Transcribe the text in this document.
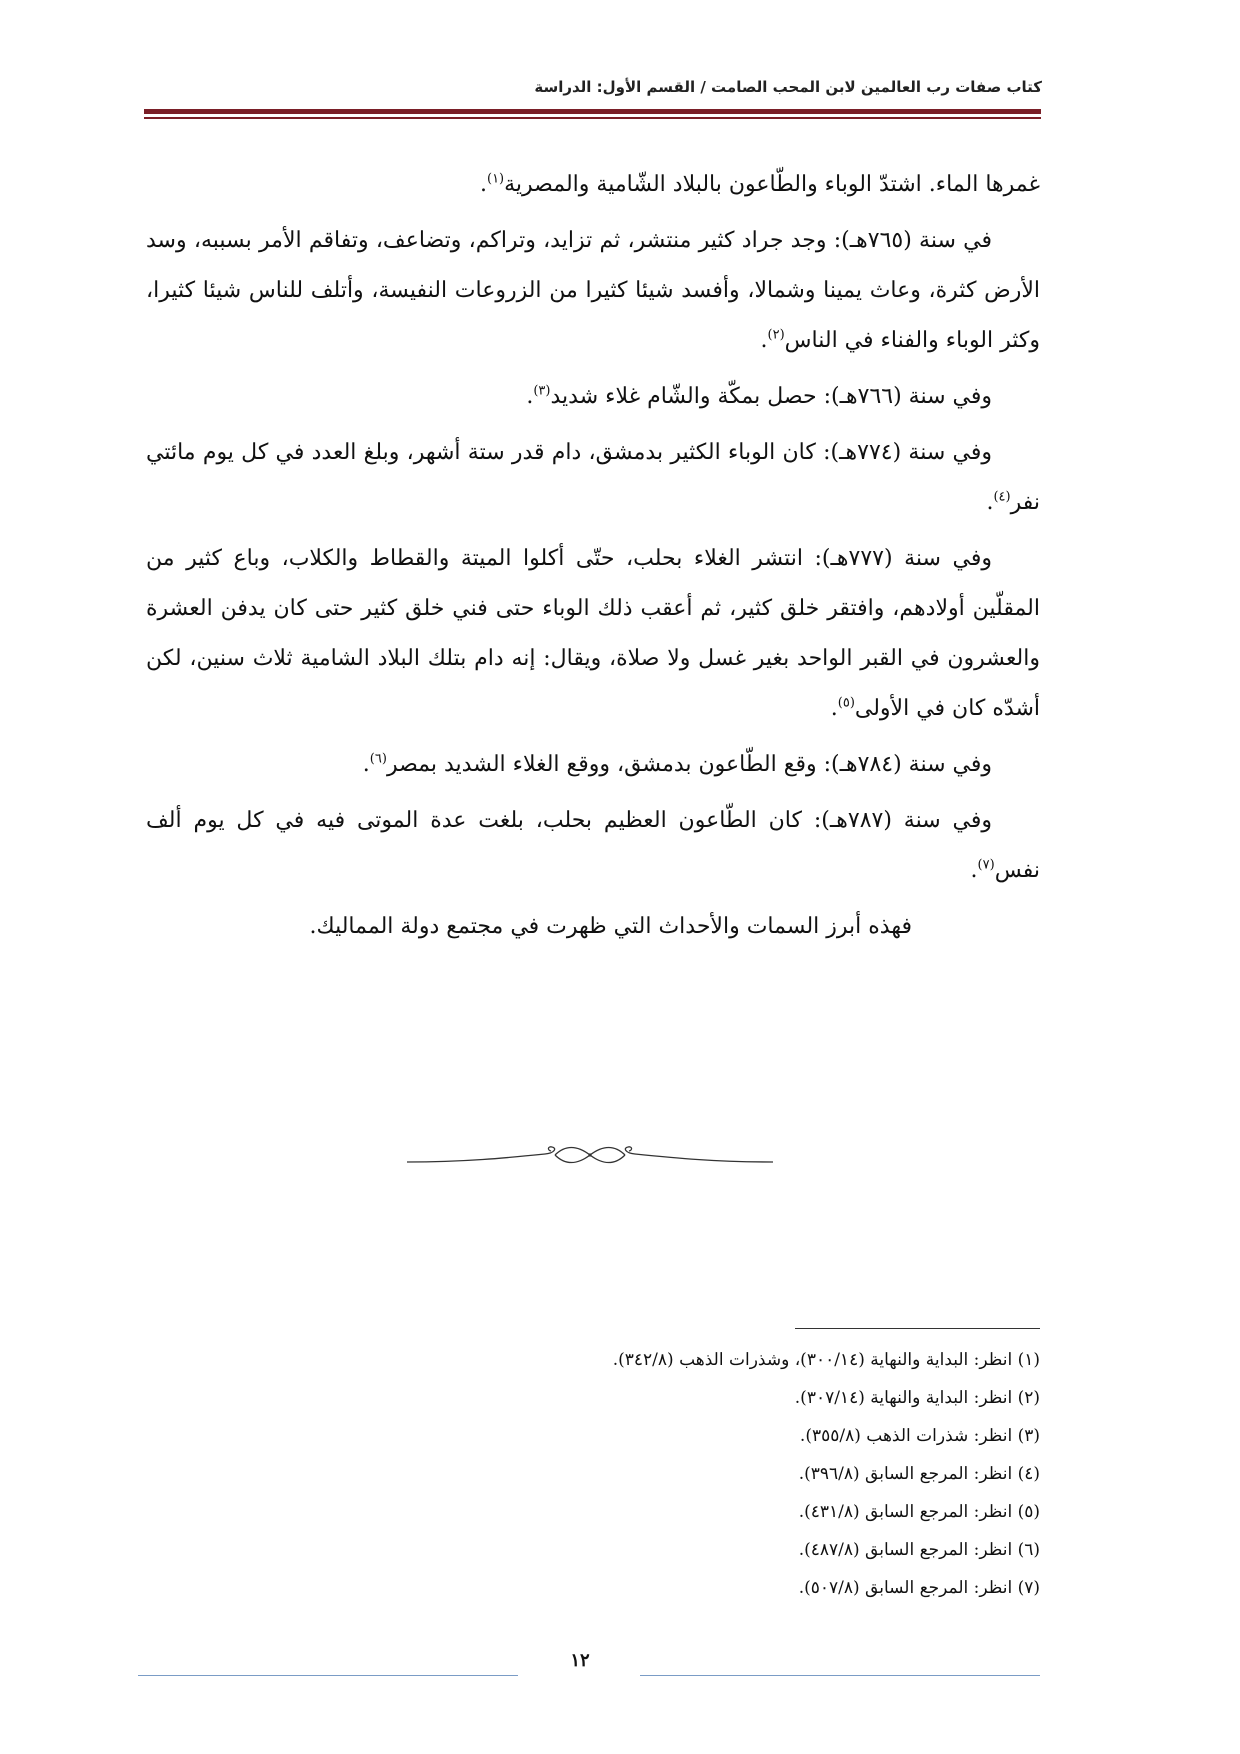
كتاب صفات رب العالمين لابن المحب الصامت / القسم الأول: الدراسة

غمرها الماء. اشتدّ الوباء والطّاعون بالبلاد الشّامية والمصرية$^{(١)}$.

في سنة (٧٦٥هـ): وجد جراد كثير منتشر، ثم تزايد، وتراكم، وتضاعف، وتفاقم الأمر بسببه، وسد الأرض كثرة، وعاث يمينا وشمالا، وأفسد شيئا كثيرا من الزروعات النفيسة، وأتلف للناس شيئا كثيرا، وكثر الوباء والفناء في الناس$^{(٢)}$.

وفي سنة (٧٦٦هـ): حصل بمكّة والشّام غلاء شديد$^{(٣)}$.

وفي سنة (٧٧٤هـ): كان الوباء الكثير بدمشق، دام قدر ستة أشهر، وبلغ العدد في كل يوم مائتي نفر$^{(٤)}$.

وفي سنة (٧٧٧هـ): انتشر الغلاء بحلب، حتّى أكلوا الميتة والقطاط والكلاب، وباع كثير من المقلّين أولادهم، وافتقر خلق كثير، ثم أعقب ذلك الوباء حتى فني خلق كثير حتى كان يدفن العشرة والعشرون في القبر الواحد بغير غسل ولا صلاة، ويقال: إنه دام بتلك البلاد الشامية ثلاث سنين، لكن أشدّه كان في الأولى$^{(٥)}$.

وفي سنة (٧٨٤هـ): وقع الطّاعون بدمشق، ووقع الغلاء الشديد بمصر$^{(٦)}$.

وفي سنة (٧٨٧هـ): كان الطّاعون العظيم بحلب، بلغت عدة الموتى فيه في كل يوم ألف نفس$^{(٧)}$.

فهذه أبرز السمات والأحداث التي ظهرت في مجتمع دولة المماليك.

(١) انظر: البداية والنهاية (٣٠٠/١٤)، وشذرات الذهب (٣٤٢/٨).
(٢) انظر: البداية والنهاية (٣٠٧/١٤).
(٣) انظر: شذرات الذهب (٣٥٥/٨).
(٤) انظر: المرجع السابق (٣٩٦/٨).
(٥) انظر: المرجع السابق (٤٣١/٨).
(٦) انظر: المرجع السابق (٤٨٧/٨).
(٧) انظر: المرجع السابق (٥٠٧/٨).
١٢
